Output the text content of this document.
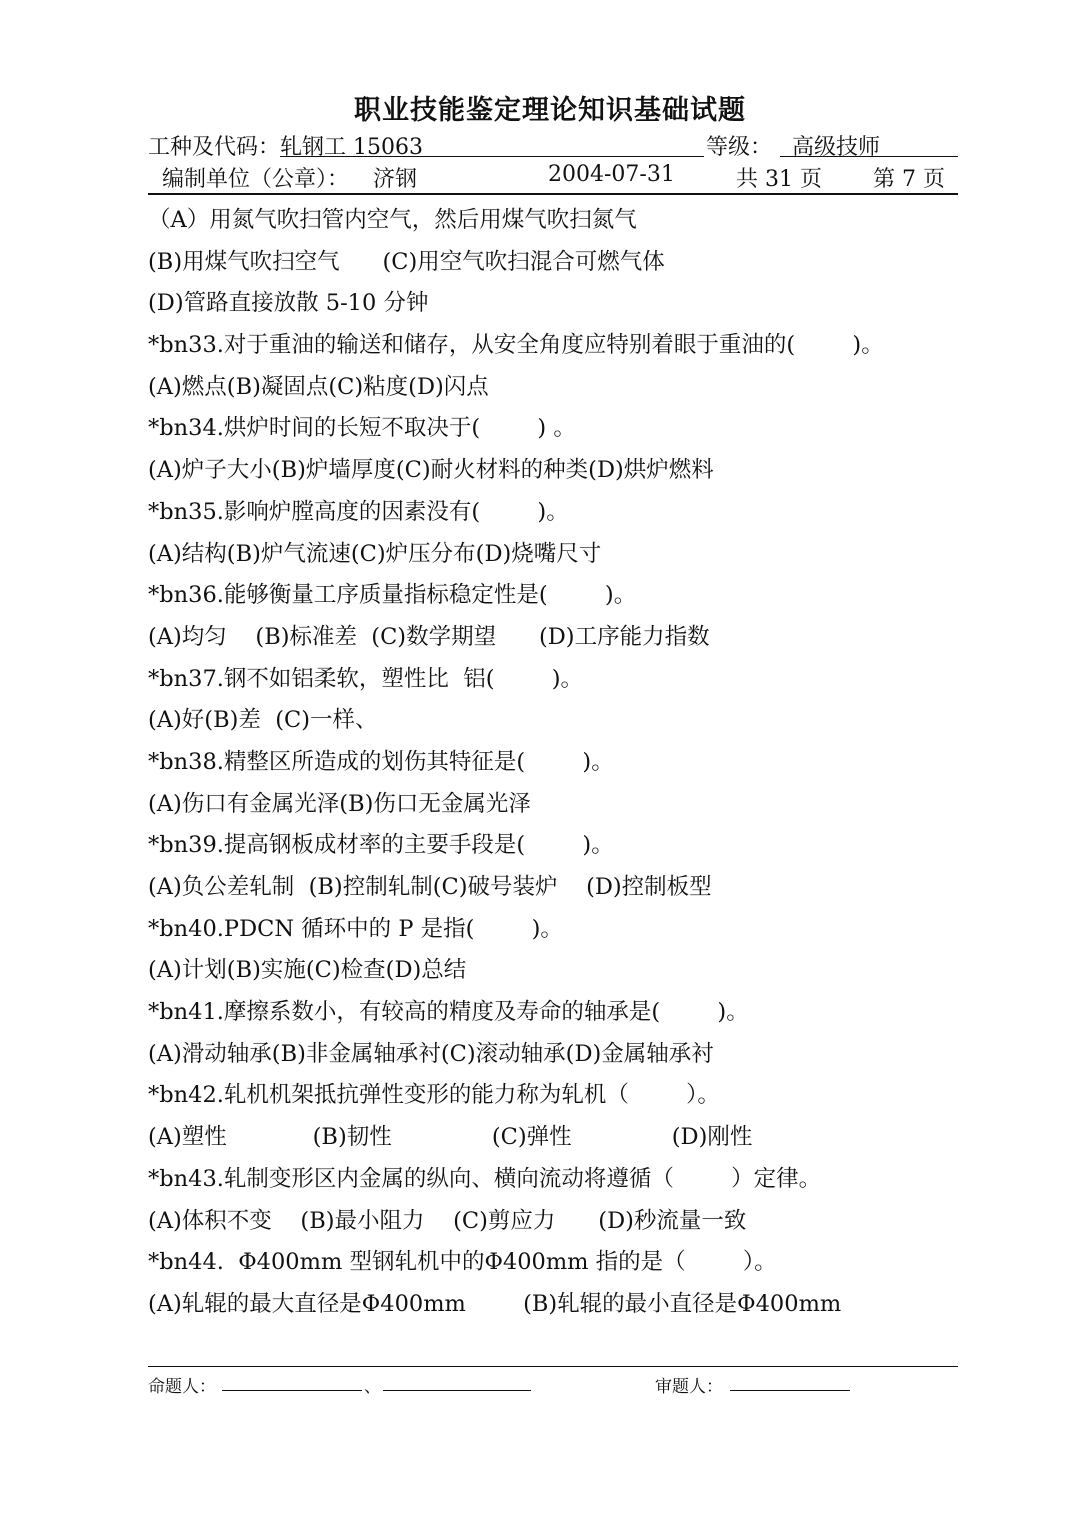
职业技能鉴定理论知识基础试题
工种及代码： 轧钢工 15063	等级： 高级技师
编制单位（公章）： 济钢	2004-07-31	共 31 页 第 7 页
（A）用氮气吹扫管内空气，然后用煤气吹扫氮气
(B)用煤气吹扫空气      (C)用空气吹扫混合可燃气体
(D)管路直接放散 5-10 分钟
*bn33.对于重油的输送和储存，从安全角度应特别着眼于重油的(        )。
(A)燃点(B)凝固点(C)粘度(D)闪点
*bn34.烘炉时间的长短不取决于(        ) 。
(A)炉子大小(B)炉墙厚度(C)耐火材料的种类(D)烘炉燃料
*bn35.影响炉膛高度的因素没有(        )。
(A)结构(B)炉气流速(C)炉压分布(D)烧嘴尺寸
*bn36.能够衡量工序质量指标稳定性是(        )。
(A)均匀    (B)标准差  (C)数学期望      (D)工序能力指数
*bn37.钢不如铝柔软，塑性比  铝(        )。
(A)好(B)差  (C)一样、
*bn38.精整区所造成的划伤其特征是(        )。
(A)伤口有金属光泽(B)伤口无金属光泽
*bn39.提高钢板成材率的主要手段是(        )。
(A)负公差轧制  (B)控制轧制(C)破号装炉    (D)控制板型
*bn40.PDCN 循环中的 P 是指(        )。
(A)计划(B)实施(C)检查(D)总结
*bn41.摩擦系数小，有较高的精度及寿命的轴承是(        )。
(A)滑动轴承(B)非金属轴承衬(C)滚动轴承(D)金属轴承衬
*bn42.轧机机架抵抗弹性变形的能力称为轧机（        ）。
(A)塑性            (B)韧性              (C)弹性              (D)刚性
*bn43.轧制变形区内金属的纵向、横向流动将遵循（        ）定律。
(A)体积不变    (B)最小阻力    (C)剪应力      (D)秒流量一致
*bn44.  Φ400mm 型钢轧机中的Φ400mm 指的是（        ）。
(A)轧辊的最大直径是Φ400mm        (B)轧辊的最小直径是Φ400mm
命题人：	、	审题人：
